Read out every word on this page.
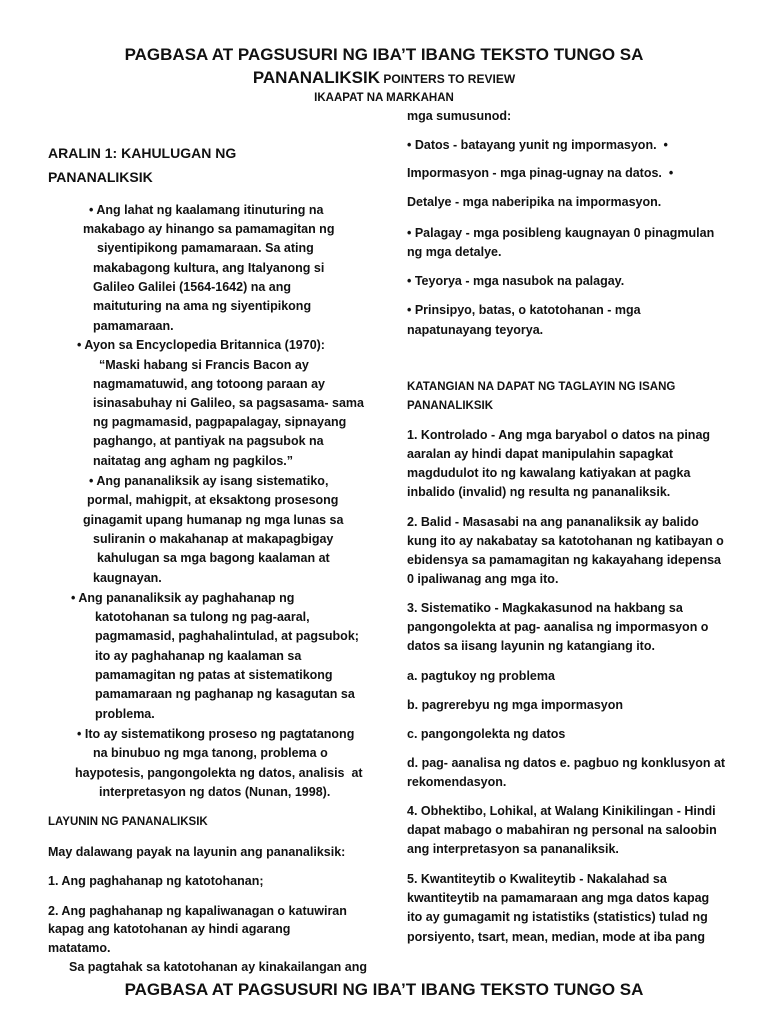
PAGBASA AT PAGSUSURI NG IBA’T IBANG TEKSTO TUNGO SA
PANANALIKSIK POINTERS TO REVIEW
IKAAPAT NA MARKAHAN
ARALIN 1: KAHULUGAN NG
PANANALIKSIK
• Ang lahat ng kaalamang itinuturing na
makabago ay hinango sa pamamagitan ng
siyentipikong pamamaraan. Sa ating
makabagong kultura, ang Italyanong si
Galileo Galilei (1564-1642) na ang
maituturing na ama ng siyentipikong
pamamaraan.
• Ayon sa Encyclopedia Britannica (1970):
“Maski habang si Francis Bacon ay
nagmamatuwid, ang totoong paraan ay
isinasabuhay ni Galileo, sa pagsasama- sama
ng pagmamasid, pagpapalagay, sipnayang
paghango, at pantiyak na pagsubok na
naitatag ang agham ng pagkilos.”
• Ang pananaliksik ay isang sistematiko,
pormal, mahigpit, at eksaktong prosesong
ginagamit upang humanap ng mga lunas sa
suliranin o makahanap at makapagbigay
kahulugan sa mga bagong kaalaman at
kaugnayan.
• Ang pananaliksik ay paghahanap ng
katotohanan sa tulong ng pag-aaral,
pagmamasid, paghahalintulad, at pagsubok;
ito ay paghahanap ng kaalaman sa
pamamagitan ng patas at sistematikong
pamamaraan ng paghanap ng kasagutan sa
problema.
• Ito ay sistematikong proseso ng pagtatanong
na binubuo ng mga tanong, problema o
haypotesis, pangongolekta ng datos, analisis  at
interpretasyon ng datos (Nunan, 1998).
LAYUNIN NG PANANALIKSIK
May dalawang payak na layunin ang pananaliksik:
1. Ang paghahanap ng katotohanan;
2. Ang paghahanap ng kapaliwanagan o katuwiran
kapag ang katotohanan ay hindi agarang
matatamo.
Sa pagtahak sa katotohanan ay kinakailangan ang
mga sumusunod:
• Datos - batayang yunit ng impormasyon.  •
Impormasyon - mga pinag-ugnay na datos.  •
Detalye - mga naberipika na impormasyon.
• Palagay - mga posibleng kaugnayan 0 pinagmulan
ng mga detalye.
• Teyorya - mga nasubok na palagay.
• Prinsipyo, batas, o katotohanan - mga
napatunayang teyorya.
KATANGIAN NA DAPAT NG TAGLAYIN NG ISANG
PANANALIKSIK
1. Kontrolado - Ang mga baryabol o datos na pinag
aaralan ay hindi dapat manipulahin sapagkat
magdudulot ito ng kawalang katiyakan at pagka
inbalido (invalid) ng resulta ng pananaliksik.
2. Balid - Masasabi na ang pananaliksik ay balido
kung ito ay nakabatay sa katotohanan ng katibayan o
ebidensya sa pamamagitan ng kakayahang idepensa
0 ipaliwanag ang mga ito.
3. Sistematiko - Magkakasunod na hakbang sa
pangongolekta at pag- aanalisa ng impormasyon o
datos sa iisang layunin ng katangiang ito.
a. pagtukoy ng problema
b. pagrerebyu ng mga impormasyon
c. pangongolekta ng datos
d. pag- aanalisa ng datos e. pagbuo ng konklusyon at
rekomendasyon.
4. Obhektibo, Lohikal, at Walang Kinikilingan - Hindi
dapat mabago o mabahiran ng personal na saloobin
ang interpretasyon sa pananaliksik.
5. Kwantiteytib o Kwaliteytib - Nakalahad sa
kwantiteytib na pamamaraan ang mga datos kapag
ito ay gumagamit ng istatistiks (statistics) tulad ng
porsiyento, tsart, mean, median, mode at iba pang
PAGBASA AT PAGSUSURI NG IBA’T IBANG TEKSTO TUNGO SA
